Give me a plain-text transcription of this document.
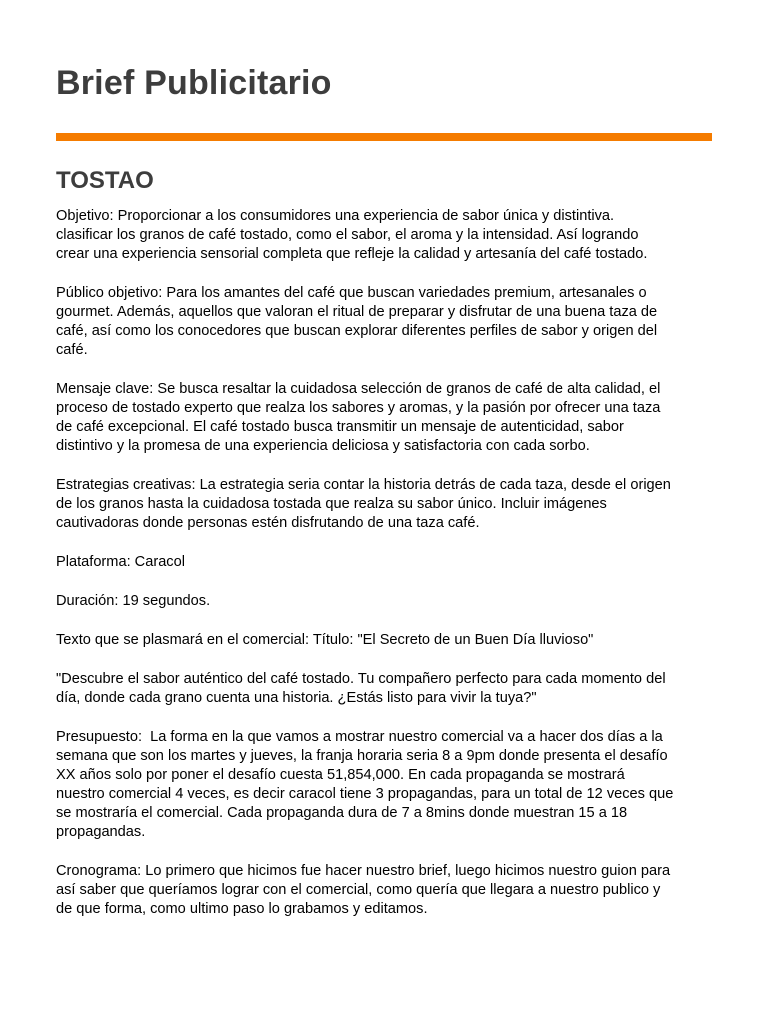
Brief Publicitario
TOSTAO

Objetivo: Proporcionar a los consumidores una experiencia de sabor única y distintiva.
clasificar los granos de café tostado, como el sabor, el aroma y la intensidad. Así logrando
crear una experiencia sensorial completa que refleje la calidad y artesanía del café tostado.

Público objetivo: Para los amantes del café que buscan variedades premium, artesanales o
gourmet. Además, aquellos que valoran el ritual de preparar y disfrutar de una buena taza de
café, así como los conocedores que buscan explorar diferentes perfiles de sabor y origen del
café.

Mensaje clave: Se busca resaltar la cuidadosa selección de granos de café de alta calidad, el
proceso de tostado experto que realza los sabores y aromas, y la pasión por ofrecer una taza
de café excepcional. El café tostado busca transmitir un mensaje de autenticidad, sabor
distintivo y la promesa de una experiencia deliciosa y satisfactoria con cada sorbo.

Estrategias creativas: La estrategia seria contar la historia detrás de cada taza, desde el origen
de los granos hasta la cuidadosa tostada que realza su sabor único. Incluir imágenes
cautivadoras donde personas estén disfrutando de una taza café.

Plataforma: Caracol

Duración: 19 segundos.

Texto que se plasmará en el comercial: Título: "El Secreto de un Buen Día lluvioso"

"Descubre el sabor auténtico del café tostado. Tu compañero perfecto para cada momento del
día, donde cada grano cuenta una historia. ¿Estás listo para vivir la tuya?"

Presupuesto:  La forma en la que vamos a mostrar nuestro comercial va a hacer dos días a la
semana que son los martes y jueves, la franja horaria seria 8 a 9pm donde presenta el desafío
XX años solo por poner el desafío cuesta 51,854,000. En cada propaganda se mostrará
nuestro comercial 4 veces, es decir caracol tiene 3 propagandas, para un total de 12 veces que
se mostraría el comercial. Cada propaganda dura de 7 a 8mins donde muestran 15 a 18
propagandas.

Cronograma: Lo primero que hicimos fue hacer nuestro brief, luego hicimos nuestro guion para
así saber que queríamos lograr con el comercial, como quería que llegara a nuestro publico y
de que forma, como ultimo paso lo grabamos y editamos.
